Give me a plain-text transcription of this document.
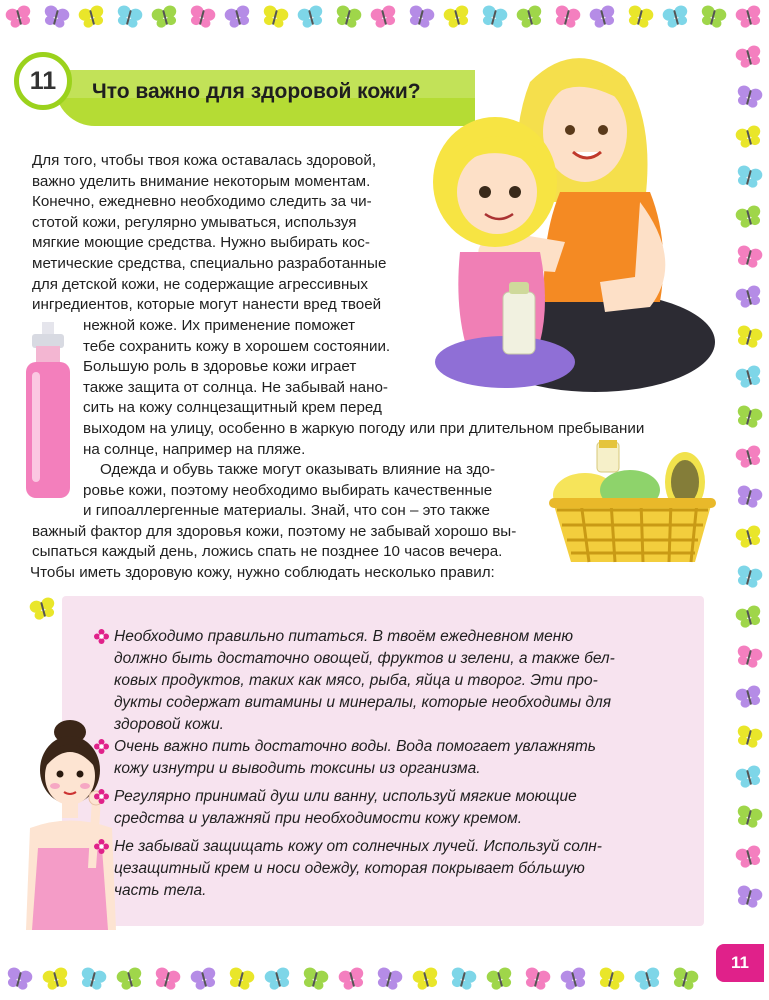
11	Что важно для здоровой кожи?
Для того, чтобы твоя кожа оставалась здоровой,
важно уделить внимание некоторым моментам.
Конечно, ежедневно необходимо следить за чи-
стотой кожи, регулярно умываться, используя
мягкие моющие средства. Нужно выбирать кос-
метические средства, специально разработанные
для детской кожи, не содержащие агрессивных
ингредиентов, которые могут нанести вред твоей
нежной коже. Их применение поможет
тебе сохранить кожу в хорошем состоянии.
Большую роль в здоровье кожи играет
также защита от солнца. Не забывай нано-
сить на кожу солнцезащитный крем перед
выходом на улицу, особенно в жаркую погоду или при длительном пребывании
на солнце, например на пляже.
Одежда и обувь также могут оказывать влияние на здо-
ровье кожи, поэтому необходимо выбирать качественные
и гипоаллергенные материалы. Знай, что сон – это также
важный фактор для здоровья кожи, поэтому не забывай хорошо вы-
сыпаться каждый день, ложись спать не позднее 10 часов вечера.
Чтобы иметь здоровую кожу, нужно соблюдать несколько правил:
Необходимо правильно питаться. В твоём ежедневном меню
должно быть достаточно овощей, фруктов и зелени, а также бел-
ковых продуктов, таких как мясо, рыба, яйца и творог. Эти про-
дукты содержат витамины и минералы, которые необходимы для
здоровой кожи.
Очень важно пить достаточно воды. Вода помогает увлажнять
кожу изнутри и выводить токсины из организма.
Регулярно принимай душ или ванну, используй мягкие моющие
средства и увлажняй при необходимости кожу кремом.
Не забывай защищать кожу от солнечных лучей. Используй солн-
цезащитный крем и носи одежду, которая покрывает бо́льшую
часть тела.
11
